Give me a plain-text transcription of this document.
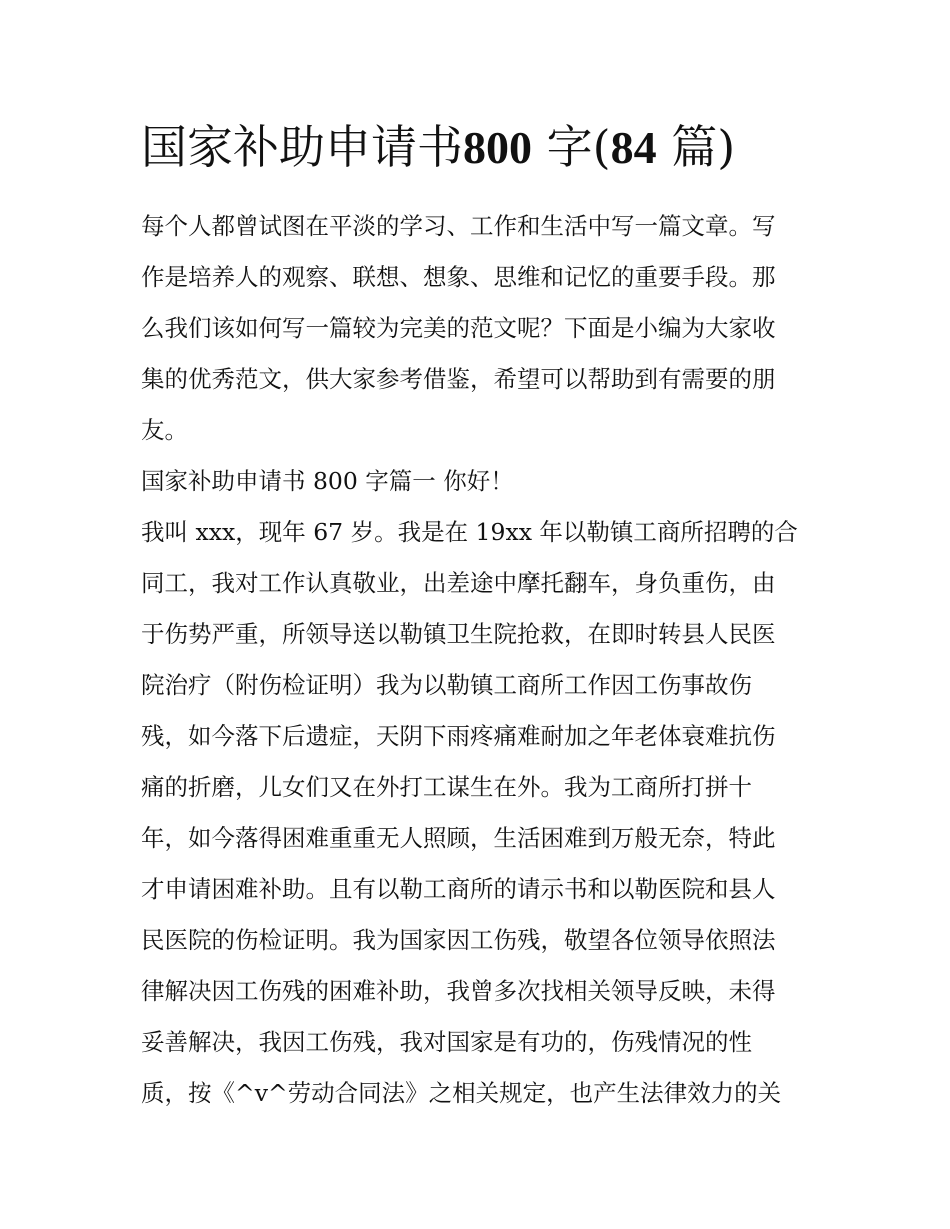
国家补助申请书800 字(84 篇)
每个人都曾试图在平淡的学习、工作和生活中写一篇文章。写
作是培养人的观察、联想、想象、思维和记忆的重要手段。那
么我们该如何写一篇较为完美的范文呢？下面是小编为大家收
集的优秀范文，供大家参考借鉴，希望可以帮助到有需要的朋
友。
国家补助申请书 800 字篇一 你好！
我叫 xxx，现年 67 岁。我是在 19xx 年以勒镇工商所招聘的合
同工，我对工作认真敬业，出差途中摩托翻车，身负重伤，由
于伤势严重，所领导送以勒镇卫生院抢救，在即时转县人民医
院治疗（附伤检证明）我为以勒镇工商所工作因工伤事故伤
残，如今落下后遗症，天阴下雨疼痛难耐加之年老体衰难抗伤
痛的折磨，儿女们又在外打工谋生在外。我为工商所打拼十
年，如今落得困难重重无人照顾，生活困难到万般无奈，特此
才申请困难补助。且有以勒工商所的请示书和以勒医院和县人
民医院的伤检证明。我为国家因工伤残，敬望各位领导依照法
律解决因工伤残的困难补助，我曾多次找相关领导反映，未得
妥善解决，我因工伤残，我对国家是有功的，伤残情况的性
质，按《^v^劳动合同法》之相关规定，也产生法律效力的关
